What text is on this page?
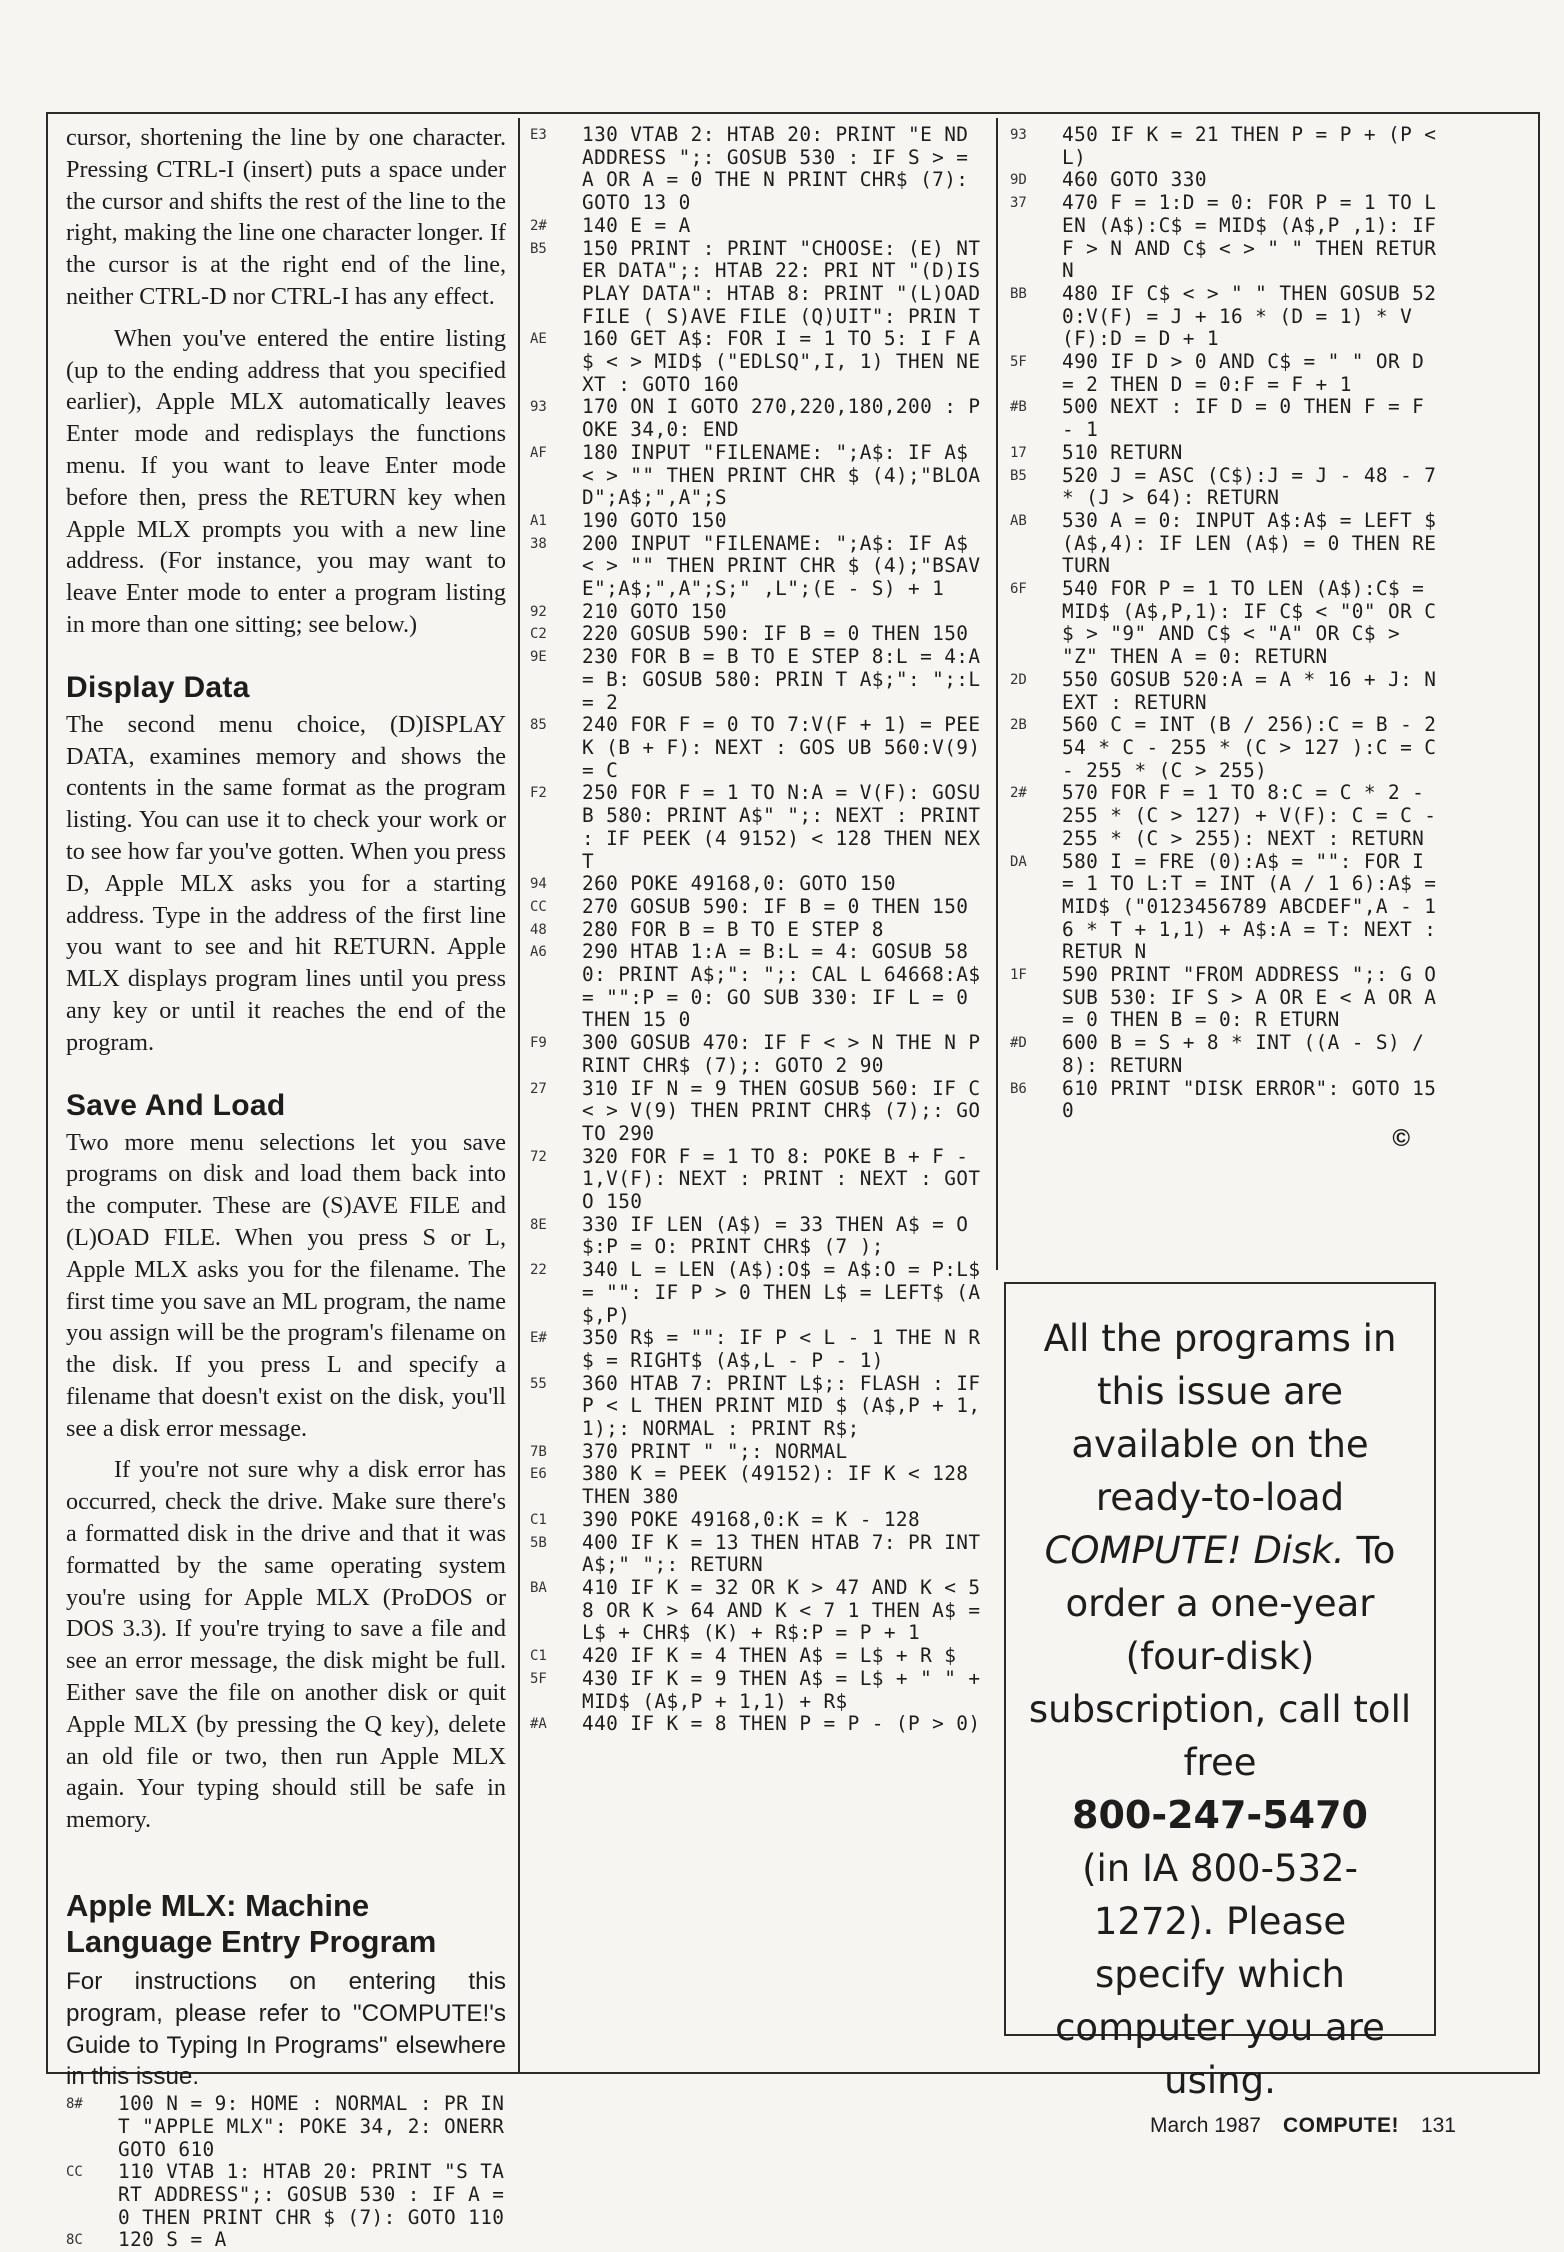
cursor, shortening the line by one character. Pressing CTRL-I (insert) puts a space under the cursor and shifts the rest of the line to the right, making the line one character longer. If the cursor is at the right end of the line, neither CTRL-D nor CTRL-I has any effect.

When you've entered the entire listing (up to the ending address that you specified earlier), Apple MLX automatically leaves Enter mode and redisplays the functions menu. If you want to leave Enter mode before then, press the RETURN key when Apple MLX prompts you with a new line address. (For instance, you may want to leave Enter mode to enter a program listing in more than one sitting; see below.)

Display Data

The second menu choice, (D)ISPLAY DATA, examines memory and shows the contents in the same format as the program listing. You can use it to check your work or to see how far you've gotten. When you press D, Apple MLX asks you for a starting address. Type in the address of the first line you want to see and hit RETURN. Apple MLX displays program lines until you press any key or until it reaches the end of the program.

Save And Load

Two more menu selections let you save programs on disk and load them back into the computer. These are (S)AVE FILE and (L)OAD FILE. When you press S or L, Apple MLX asks you for the filename. The first time you save an ML program, the name you assign will be the program's filename on the disk. If you press L and specify a filename that doesn't exist on the disk, you'll see a disk error message.

If you're not sure why a disk error has occurred, check the drive. Make sure there's a formatted disk in the drive and that it was formatted by the same operating system you're using for Apple MLX (ProDOS or DOS 3.3). If you're trying to save a file and see an error message, the disk might be full. Either save the file on another disk or quit Apple MLX (by pressing the Q key), delete an old file or two, then run Apple MLX again. Your typing should still be safe in memory.

Apple MLX: Machine Language Entry Program

For instructions on entering this program, please refer to "COMPUTE!'s Guide to Typing In Programs" elsewhere in this issue.

8#	100 N = 9: HOME : NORMAL : PR INT "APPLE MLX": POKE 34, 2: ONERR GOTO 610
CC	110 VTAB 1: HTAB 20: PRINT "S TART ADDRESS";: GOSUB 530 : IF A = 0 THEN PRINT CHR $ (7): GOTO 110
8C	120 S = A
E3	130 VTAB 2: HTAB 20: PRINT "E ND ADDRESS ";: GOSUB 530 : IF S > = A OR A = 0 THE N PRINT CHR$ (7): GOTO 13 0
2#	140 E = A
B5	150 PRINT : PRINT "CHOOSE: (E) NTER DATA";: HTAB 22: PRI NT "(D)ISPLAY DATA": HTAB 8: PRINT "(L)OAD FILE ( S)AVE FILE (Q)UIT": PRIN T
AE	160 GET A$: FOR I = 1 TO 5: I F A$ < > MID$ ("EDLSQ",I, 1) THEN NEXT : GOTO 160
93	170 ON I GOTO 270,220,180,200 : POKE 34,0: END
AF	180 INPUT "FILENAME: ";A$: IF A$ < > "" THEN PRINT CHR $ (4);"BLOAD";A$;",A";S
A1	190 GOTO 150
38	200 INPUT "FILENAME: ";A$: IF A$ < > "" THEN PRINT CHR $ (4);"BSAVE";A$;",A";S;" ,L";(E - S) + 1
92	210 GOTO 150
C2	220 GOSUB 590: IF B = 0 THEN 150
9E	230 FOR B = B TO E STEP 8:L = 4:A = B: GOSUB 580: PRIN T A$;": ";:L = 2
85	240 FOR F = 0 TO 7:V(F + 1) = PEEK (B + F): NEXT : GOS UB 560:V(9) = C
F2	250 FOR F = 1 TO N:A = V(F): GOSUB 580: PRINT A$" ";: NEXT : PRINT : IF PEEK (4 9152) < 128 THEN NEXT
94	260 POKE 49168,0: GOTO 150
CC	270 GOSUB 590: IF B = 0 THEN 150
48	280 FOR B = B TO E STEP 8
A6	290 HTAB 1:A = B:L = 4: GOSUB 580: PRINT A$;": ";: CAL L 64668:A$ = "":P = 0: GO SUB 330: IF L = 0 THEN 15 0
F9	300 GOSUB 470: IF F < > N THE N PRINT CHR$ (7);: GOTO 2 90
27	310 IF N = 9 THEN GOSUB 560: IF C < > V(9) THEN PRINT CHR$ (7);: GOTO 290
72	320 FOR F = 1 TO 8: POKE B + F - 1,V(F): NEXT : PRINT : NEXT : GOTO 150
8E	330 IF LEN (A$) = 33 THEN A$ = O$:P = O: PRINT CHR$ (7 );
22	340 L = LEN (A$):O$ = A$:O = P:L$ = "": IF P > 0 THEN L$ = LEFT$ (A$,P)
E#	350 R$ = "": IF P < L - 1 THE N R$ = RIGHT$ (A$,L - P - 1)
55	360 HTAB 7: PRINT L$;: FLASH : IF P < L THEN PRINT MID $ (A$,P + 1,1);: NORMAL : PRINT R$;
7B	370 PRINT " ";: NORMAL
E6	380 K = PEEK (49152): IF K < 128 THEN 380
C1	390 POKE 49168,0:K = K - 128
5B	400 IF K = 13 THEN HTAB 7: PR INT A$;" ";: RETURN
BA	410 IF K = 32 OR K > 47 AND K < 58 OR K > 64 AND K < 7 1 THEN A$ = L$ + CHR$ (K) + R$:P = P + 1
C1	420 IF K = 4 THEN A$ = L$ + R $
5F	430 IF K = 9 THEN A$ = L$ + " " + MID$ (A$,P + 1,1) + R$
#A	440 IF K = 8 THEN P = P - (P > 0)
93	450 IF K = 21 THEN P = P + (P < L)
9D	460 GOTO 330
37	470 F = 1:D = 0: FOR P = 1 TO LEN (A$):C$ = MID$ (A$,P ,1): IF F > N AND C$ < > " " THEN RETURN
BB	480 IF C$ < > " " THEN GOSUB 520:V(F) = J + 16 * (D = 1) * V(F):D = D + 1
5F	490 IF D > 0 AND C$ = " " OR D = 2 THEN D = 0:F = F + 1
#B	500 NEXT : IF D = 0 THEN F = F - 1
17	510 RETURN
B5	520 J = ASC (C$):J = J - 48 - 7 * (J > 64): RETURN
AB	530 A = 0: INPUT A$:A$ = LEFT $ (A$,4): IF LEN (A$) = 0 THEN RETURN
6F	540 FOR P = 1 TO LEN (A$):C$ = MID$ (A$,P,1): IF C$ < "0" OR C$ > "9" AND C$ < "A" OR C$ > "Z" THEN A = 0: RETURN
2D	550 GOSUB 520:A = A * 16 + J: NEXT : RETURN
2B	560 C = INT (B / 256):C = B - 254 * C - 255 * (C > 127 ):C = C - 255 * (C > 255)
2#	570 FOR F = 1 TO 8:C = C * 2 - 255 * (C > 127) + V(F): C = C - 255 * (C > 255): NEXT : RETURN
DA	580 I = FRE (0):A$ = "": FOR I = 1 TO L:T = INT (A / 1 6):A$ = MID$ ("0123456789 ABCDEF",A - 16 * T + 1,1) + A$:A = T: NEXT : RETUR N
1F	590 PRINT "FROM ADDRESS ";: G OSUB 530: IF S > A OR E < A OR A = 0 THEN B = 0: R ETURN
#D	600 B = S + 8 * INT ((A - S) / 8): RETURN
B6	610 PRINT "DISK ERROR": GOTO 150
©
All the programs in this issue are available on the ready-to-load COMPUTE! Disk. To order a one-year (four-disk) subscription, call toll free
800-247-5470
(in IA 800-532-1272). Please specify which computer you are using.
March 1987 COMPUTE! 131
